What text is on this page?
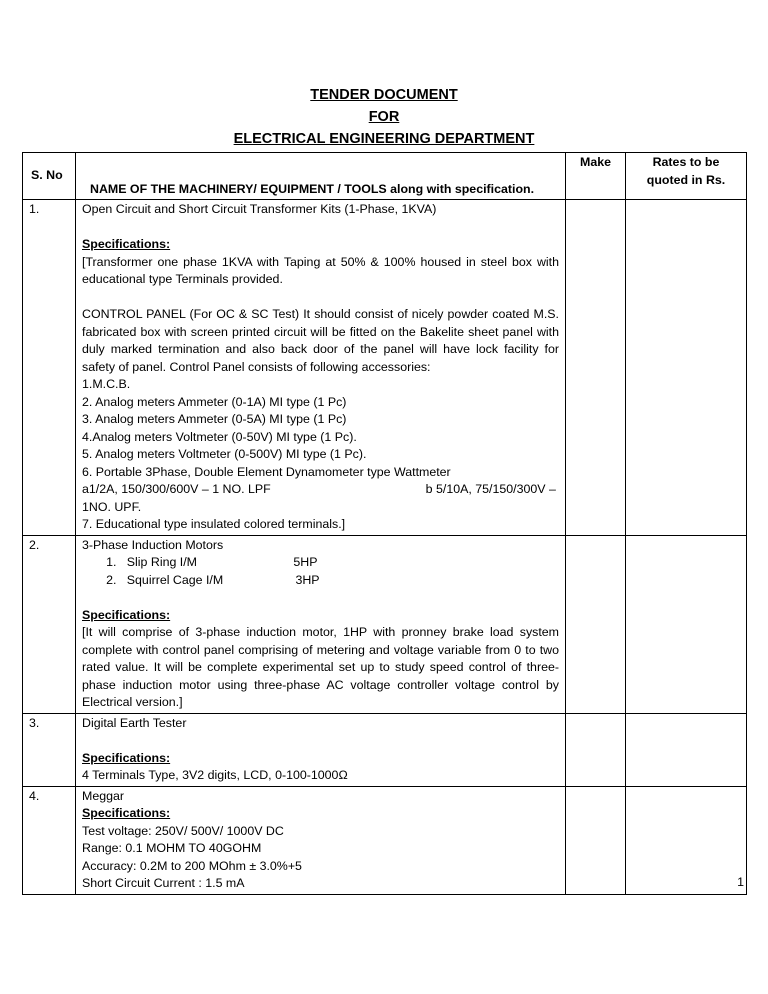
TENDER DOCUMENT
FOR
ELECTRICAL ENGINEERING DEPARTMENT
S. No	NAME OF THE MACHINERY/ EQUIPMENT / TOOLS along with specification.	Make	Rates to be quoted in Rs.
1.	Open Circuit and Short Circuit Transformer Kits (1-Phase, 1KVA)

Specifications:
[Transformer one phase 1KVA with Taping at 50% & 100% housed in steel box with educational type Terminals provided.

CONTROL PANEL (For OC & SC Test) It should consist of nicely powder coated M.S. fabricated box with screen printed circuit will be fitted on the Bakelite sheet panel with duly marked termination and also back door of the panel will have lock facility for safety of panel. Control Panel consists of following accessories:
1.M.C.B.
2. Analog meters Ammeter (0-1A) MI type (1 Pc)
3. Analog meters Ammeter (0-5A) MI type (1 Pc)
4.Analog meters Voltmeter (0-50V) MI type (1 Pc).
5. Analog meters Voltmeter (0-500V) MI type (1 Pc).
6. Portable 3Phase, Double Element Dynamometer type Wattmeter
a1/2A, 150/300/600V – 1 NO. LPF                                             b 5/10A, 75/150/300V –
1NO. UPF.
7. Educational type insulated colored terminals.]

2.	3-Phase Induction Motors
1.   Slip Ring I/M                            5HP
2.   Squirrel Cage I/M                     3HP

Specifications:
[It will comprise of 3-phase induction motor, 1HP with pronney brake load system complete with control panel comprising of metering and voltage variable from 0 to two rated value. It will be complete experimental set up to study speed control of three-phase induction motor using three-phase AC voltage controller voltage control by Electrical version.]		

3.	Digital Earth Tester

Specifications:
4 Terminals Type, 3V2 digits, LCD, 0-100-1000Ω		

4.	Meggar
Specifications:
Test voltage: 250V/ 500V/ 1000V DC
Range: 0.1 MOHM TO 40GOHM
Accuracy: 0.2M to 200 MOhm ± 3.0%+5
Short Circuit Current : 1.5 mA
			1
